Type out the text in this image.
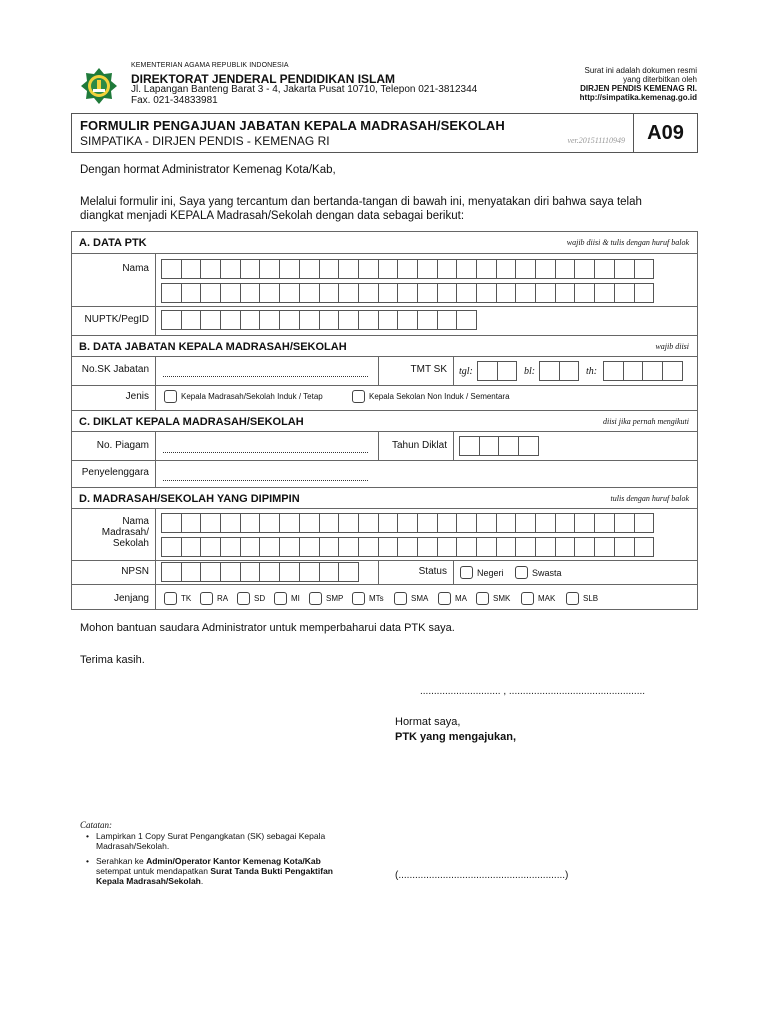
KEMENTERIAN AGAMA REPUBLIK INDONESIA
DIREKTORAT JENDERAL PENDIDIKAN ISLAM
Jl. Lapangan Banteng Barat 3 - 4, Jakarta Pusat 10710, Telepon 021-3812344
Fax. 021-34833981
Surat ini adalah dokumen resmi
yang diterbitkan oleh
DIRJEN PENDIS KEMENAG RI.
http://simpatika.kemenag.go.id
FORMULIR PENGAJUAN JABATAN KEPALA MADRASAH/SEKOLAH
SIMPATIKA - DIRJEN PENDIS - KEMENAG RI	ver.201511110949	A09
Dengan hormat Administrator Kemenag Kota/Kab,
Melalui formulir ini, Saya yang tercantum dan bertanda-tangan di bawah ini, menyatakan diri bahwa saya telah
diangkat menjadi KEPALA Madrasah/Sekolah dengan data sebagai berikut:
A. DATA PTK	wajib diisi & tulis dengan huruf balok
Nama
NUPTK/PegID
B. DATA JABATAN KEPALA MADRASAH/SEKOLAH	wajib diisi
No.SK Jabatan	TMT SK tgl:	bl:	th:
Jenis	Kepala Madrasah/Sekolah Induk / Tetap	Kepala Sekolan Non Induk / Sementara
C. DIKLAT KEPALA MADRASAH/SEKOLAH	diisi jika pernah mengikuti
No. Piagam	Tahun Diklat
Penyelenggara
D. MADRASAH/SEKOLAH YANG DIPIMPIN	tulis dengan huruf balok
Nama
Madrasah/
Sekolah
NPSN	Status	Negeri	Swasta
Jenjang	TK	RA	SD	MI	SMP	MTs	SMA	MA	SMK	MAK	SLB
Mohon bantuan saudara Administrator untuk memperbaharui data PTK saya.
Terima kasih.
............................. , .................................................
Hormat saya,
PTK yang mengajukan,
(............................................................)
Catatan:
• Lampirkan 1 Copy Surat Pengangkatan (SK) sebagai Kepala
Madrasah/Sekolah.
• Serahkan ke Admin/Operator Kantor Kemenag Kota/Kab
setempat untuk mendapatkan Surat Tanda Bukti Pengaktifan
Kepala Madrasah/Sekolah.
